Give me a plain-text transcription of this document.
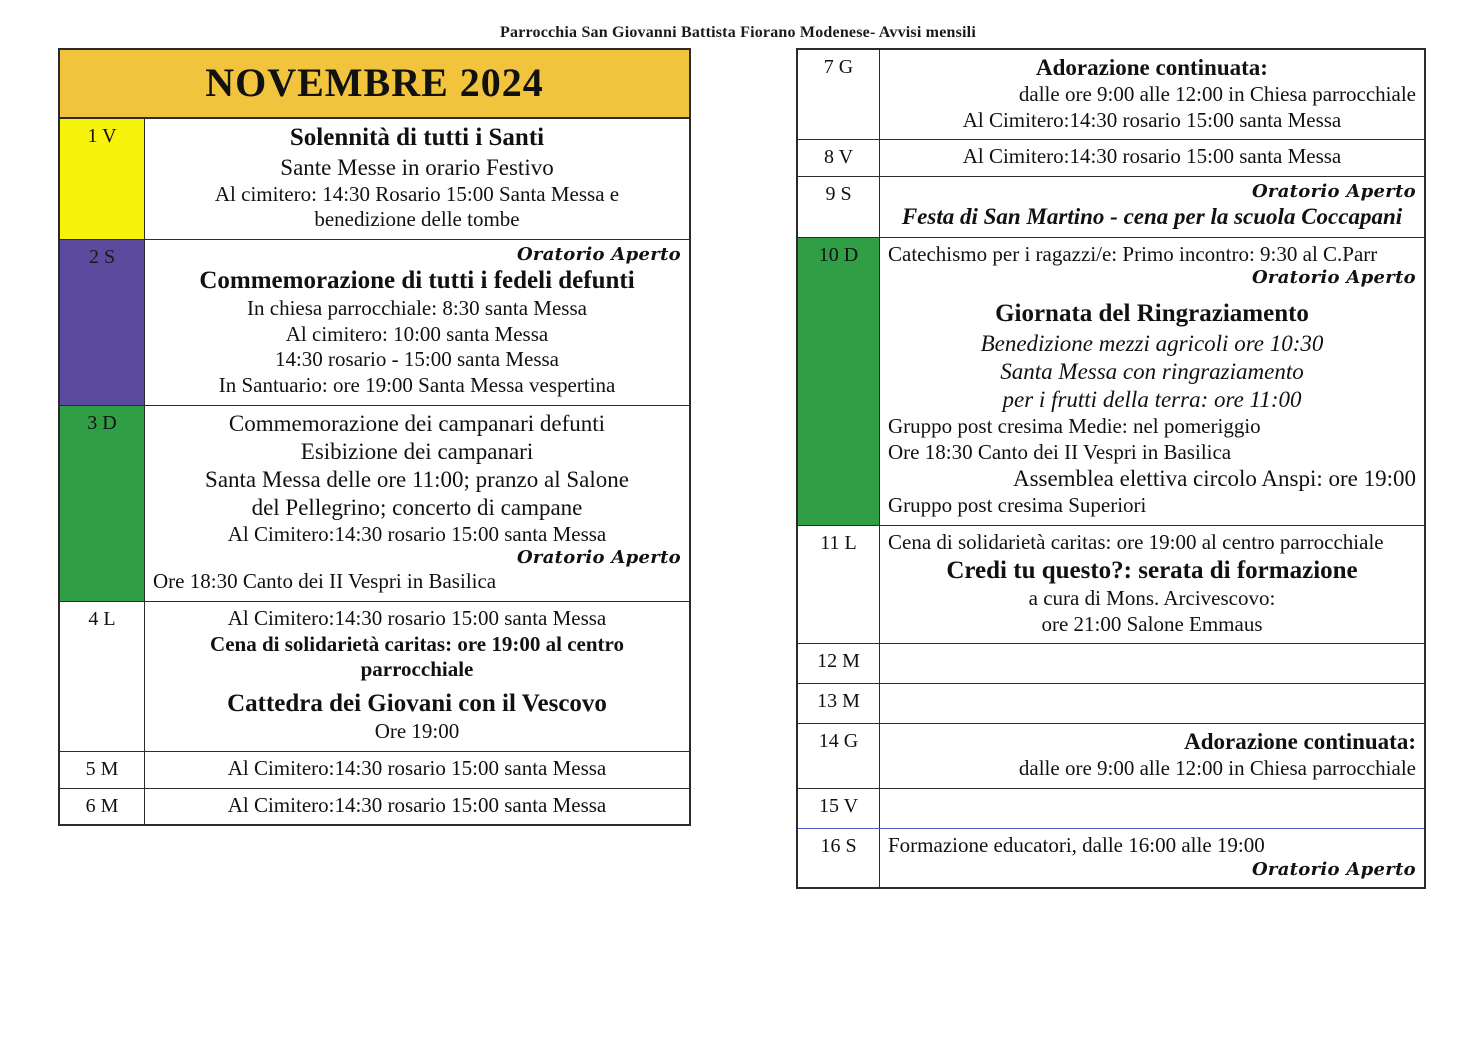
Parrocchia San Giovanni Battista Fiorano Modenese- Avvisi mensili
NOVEMBRE 2024
1 V	Solennità di tutti i Santi
Sante Messe in orario Festivo
Al cimitero: 14:30 Rosario 15:00 Santa Messa e
benedizione delle tombe
2 S	Oratorio Aperto
Commemorazione di tutti i fedeli defunti
In chiesa parrocchiale: 8:30 santa Messa
Al cimitero: 10:00 santa Messa
14:30 rosario - 15:00 santa Messa
In Santuario: ore 19:00 Santa Messa vespertina
3 D	Commemorazione dei campanari defunti
Esibizione dei campanari
Santa Messa delle ore 11:00; pranzo al Salone
del Pellegrino; concerto di campane
Al Cimitero:14:30 rosario 15:00 santa Messa
Oratorio Aperto
Ore 18:30 Canto dei II Vespri in Basilica
4 L	Al Cimitero:14:30 rosario 15:00 santa Messa
Cena di solidarietà caritas: ore 19:00 al centro parrocchiale

Cattedra dei Giovani con il Vescovo
Ore 19:00
5 M	Al Cimitero:14:30 rosario 15:00 santa Messa
6 M	Al Cimitero:14:30 rosario 15:00 santa Messa
7 G	Adorazione continuata:
dalle ore 9:00 alle 12:00 in Chiesa parrocchiale
Al Cimitero:14:30 rosario 15:00 santa Messa
8 V	Al Cimitero:14:30 rosario 15:00 santa Messa
9 S	Oratorio Aperto
Festa di San Martino - cena per la scuola Coccapani
10 D	Catechismo per i ragazzi/e: Primo incontro: 9:30 al C.Parr
Oratorio Aperto

Giornata del Ringraziamento
Benedizione mezzi agricoli ore 10:30
Santa Messa con ringraziamento
per i frutti della terra: ore 11:00
Gruppo post cresima Medie: nel pomeriggio
Ore 18:30 Canto dei II Vespri in Basilica
Assemblea elettiva circolo Anspi: ore 19:00
Gruppo post cresima Superiori
11 L	Cena di solidarietà caritas: ore 19:00 al centro parrocchiale
Credi tu questo?: serata di formazione
a cura di Mons. Arcivescovo:
ore 21:00 Salone Emmaus
12 M
13 M
14 G	Adorazione continuata:
dalle ore 9:00 alle 12:00 in Chiesa parrocchiale
15 V
16 S	Formazione educatori, dalle 16:00 alle 19:00
Oratorio Aperto
